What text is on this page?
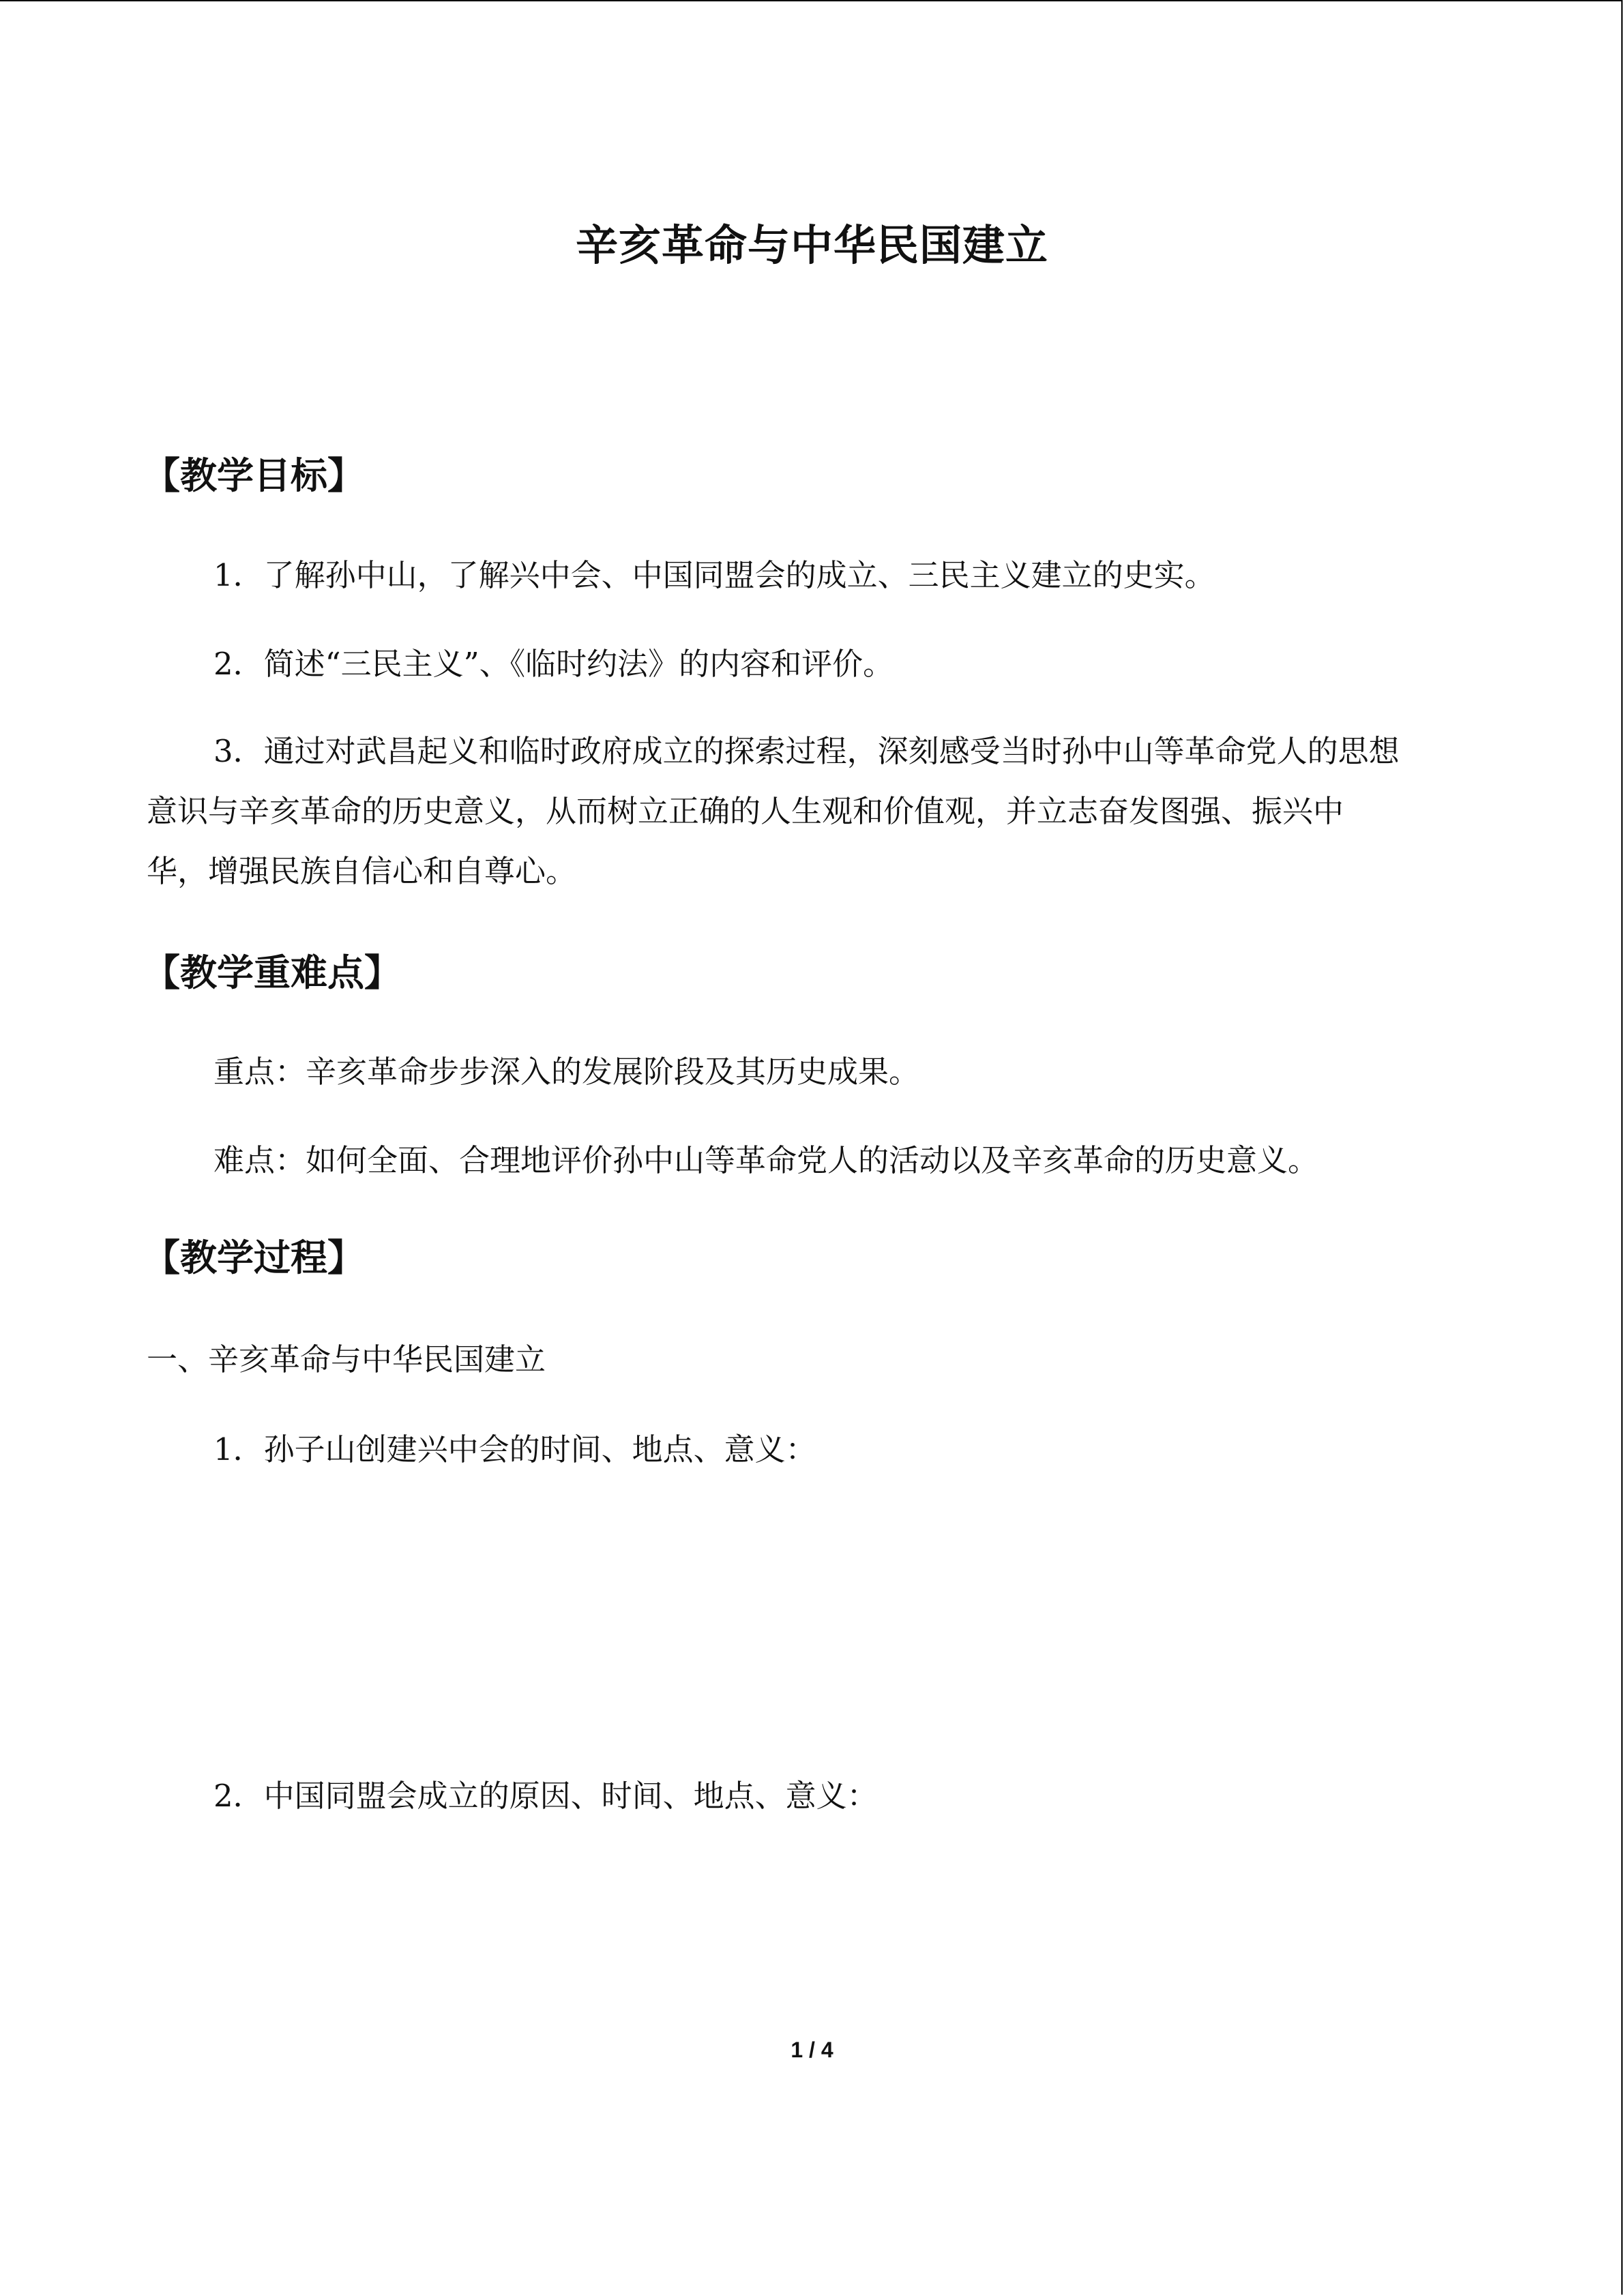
辛亥革命与中华民国建立
【教学目标】
1．了解孙中山，了解兴中会、中国同盟会的成立、三民主义建立的史实。
2．简述“三民主义”、《临时约法》的内容和评价。
3．通过对武昌起义和临时政府成立的探索过程，深刻感受当时孙中山等革命党人的思想
意识与辛亥革命的历史意义，从而树立正确的人生观和价值观，并立志奋发图强、振兴中
华，增强民族自信心和自尊心。
【教学重难点】
重点：辛亥革命步步深入的发展阶段及其历史成果。
难点：如何全面、合理地评价孙中山等革命党人的活动以及辛亥革命的历史意义。
【教学过程】
一、辛亥革命与中华民国建立
1．孙子山创建兴中会的时间、地点、意义：
2．中国同盟会成立的原因、时间、地点、意义：
1 / 4
